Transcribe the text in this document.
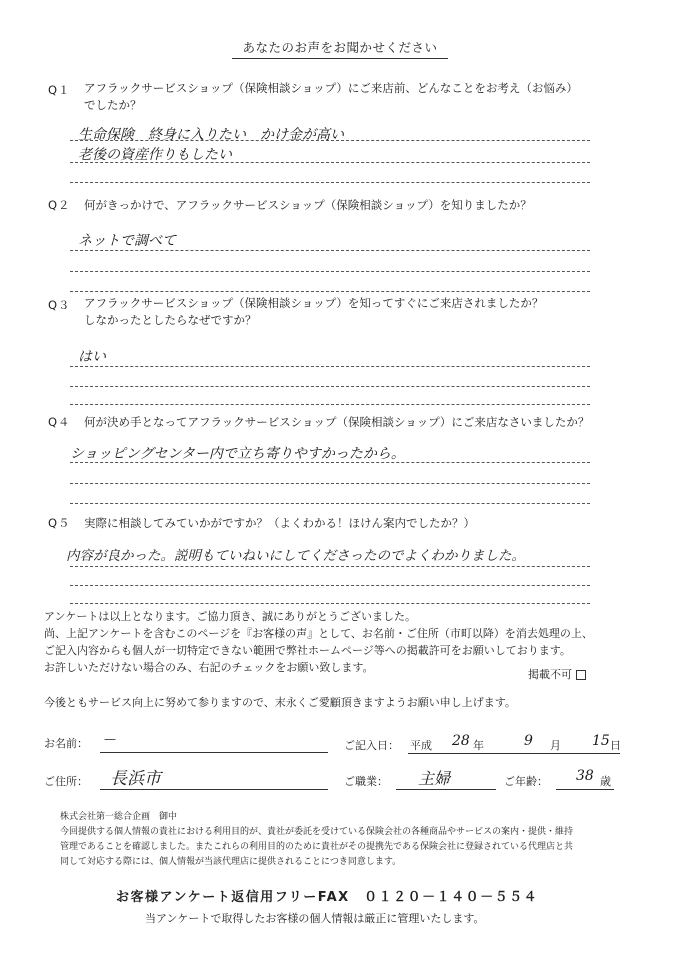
あなたのお声をお聞かせください
Q１ アフラックサービスショップ（保険相談ショップ）にご来店前、どんなことをお考え（お悩み）
でしたか？
生命保険　終身に入りたい　かけ金が高い
老後の資産作りもしたい
Q２ 何がきっかけで、アフラックサービスショップ（保険相談ショップ）を知りましたか？
ネットで調べて
Q３ アフラックサービスショップ（保険相談ショップ）を知ってすぐにご来店されましたか？
しなかったとしたらなぜですか？
はい
Q４ 何が決め手となってアフラックサービスショップ（保険相談ショップ）にご来店なさいましたか？
ショッピングセンター内で立ち寄りやすかったから。
Q５ 実際に相談してみていかがですか？（よくわかる！ほけん案内でしたか？）
内容が良かった。説明もていねいにしてくださったのでよくわかりました。
アンケートは以上となります。ご協力頂き、誠にありがとうございました。
尚、上記アンケートを含むこのページを『お客様の声』として、お名前・ご住所（市町以降）を消去処理の上、
ご記入内容からも個人が一切特定できない範囲で弊社ホームページ等への掲載許可をお願いしております。
お許しいただけない場合のみ、右記のチェックをお願い致します。
掲載不可
今後ともサービス向上に努めて参りますので、末永くご愛顧頂きますようお願い申し上げます。
お名前： —	ご記入日： 平成 28 年	9 月 15 日
ご住所： 長浜市	ご職業： 主婦	ご年齢： 38 歳
株式会社第一総合企画　御中
今回提供する個人情報の貴社における利用目的が、貴社が委託を受けている保険会社の各種商品やサービスの案内・提供・維持
管理であることを確認しました。またこれらの利用目的のために貴社がその提携先である保険会社に登録されている代理店と共
同して対応する際には、個人情報が当該代理店に提供されることにつき同意します。
お客様アンケート返信用フリーFAX　０１２０－１４０－５５４
当アンケートで取得したお客様の個人情報は厳正に管理いたします。
